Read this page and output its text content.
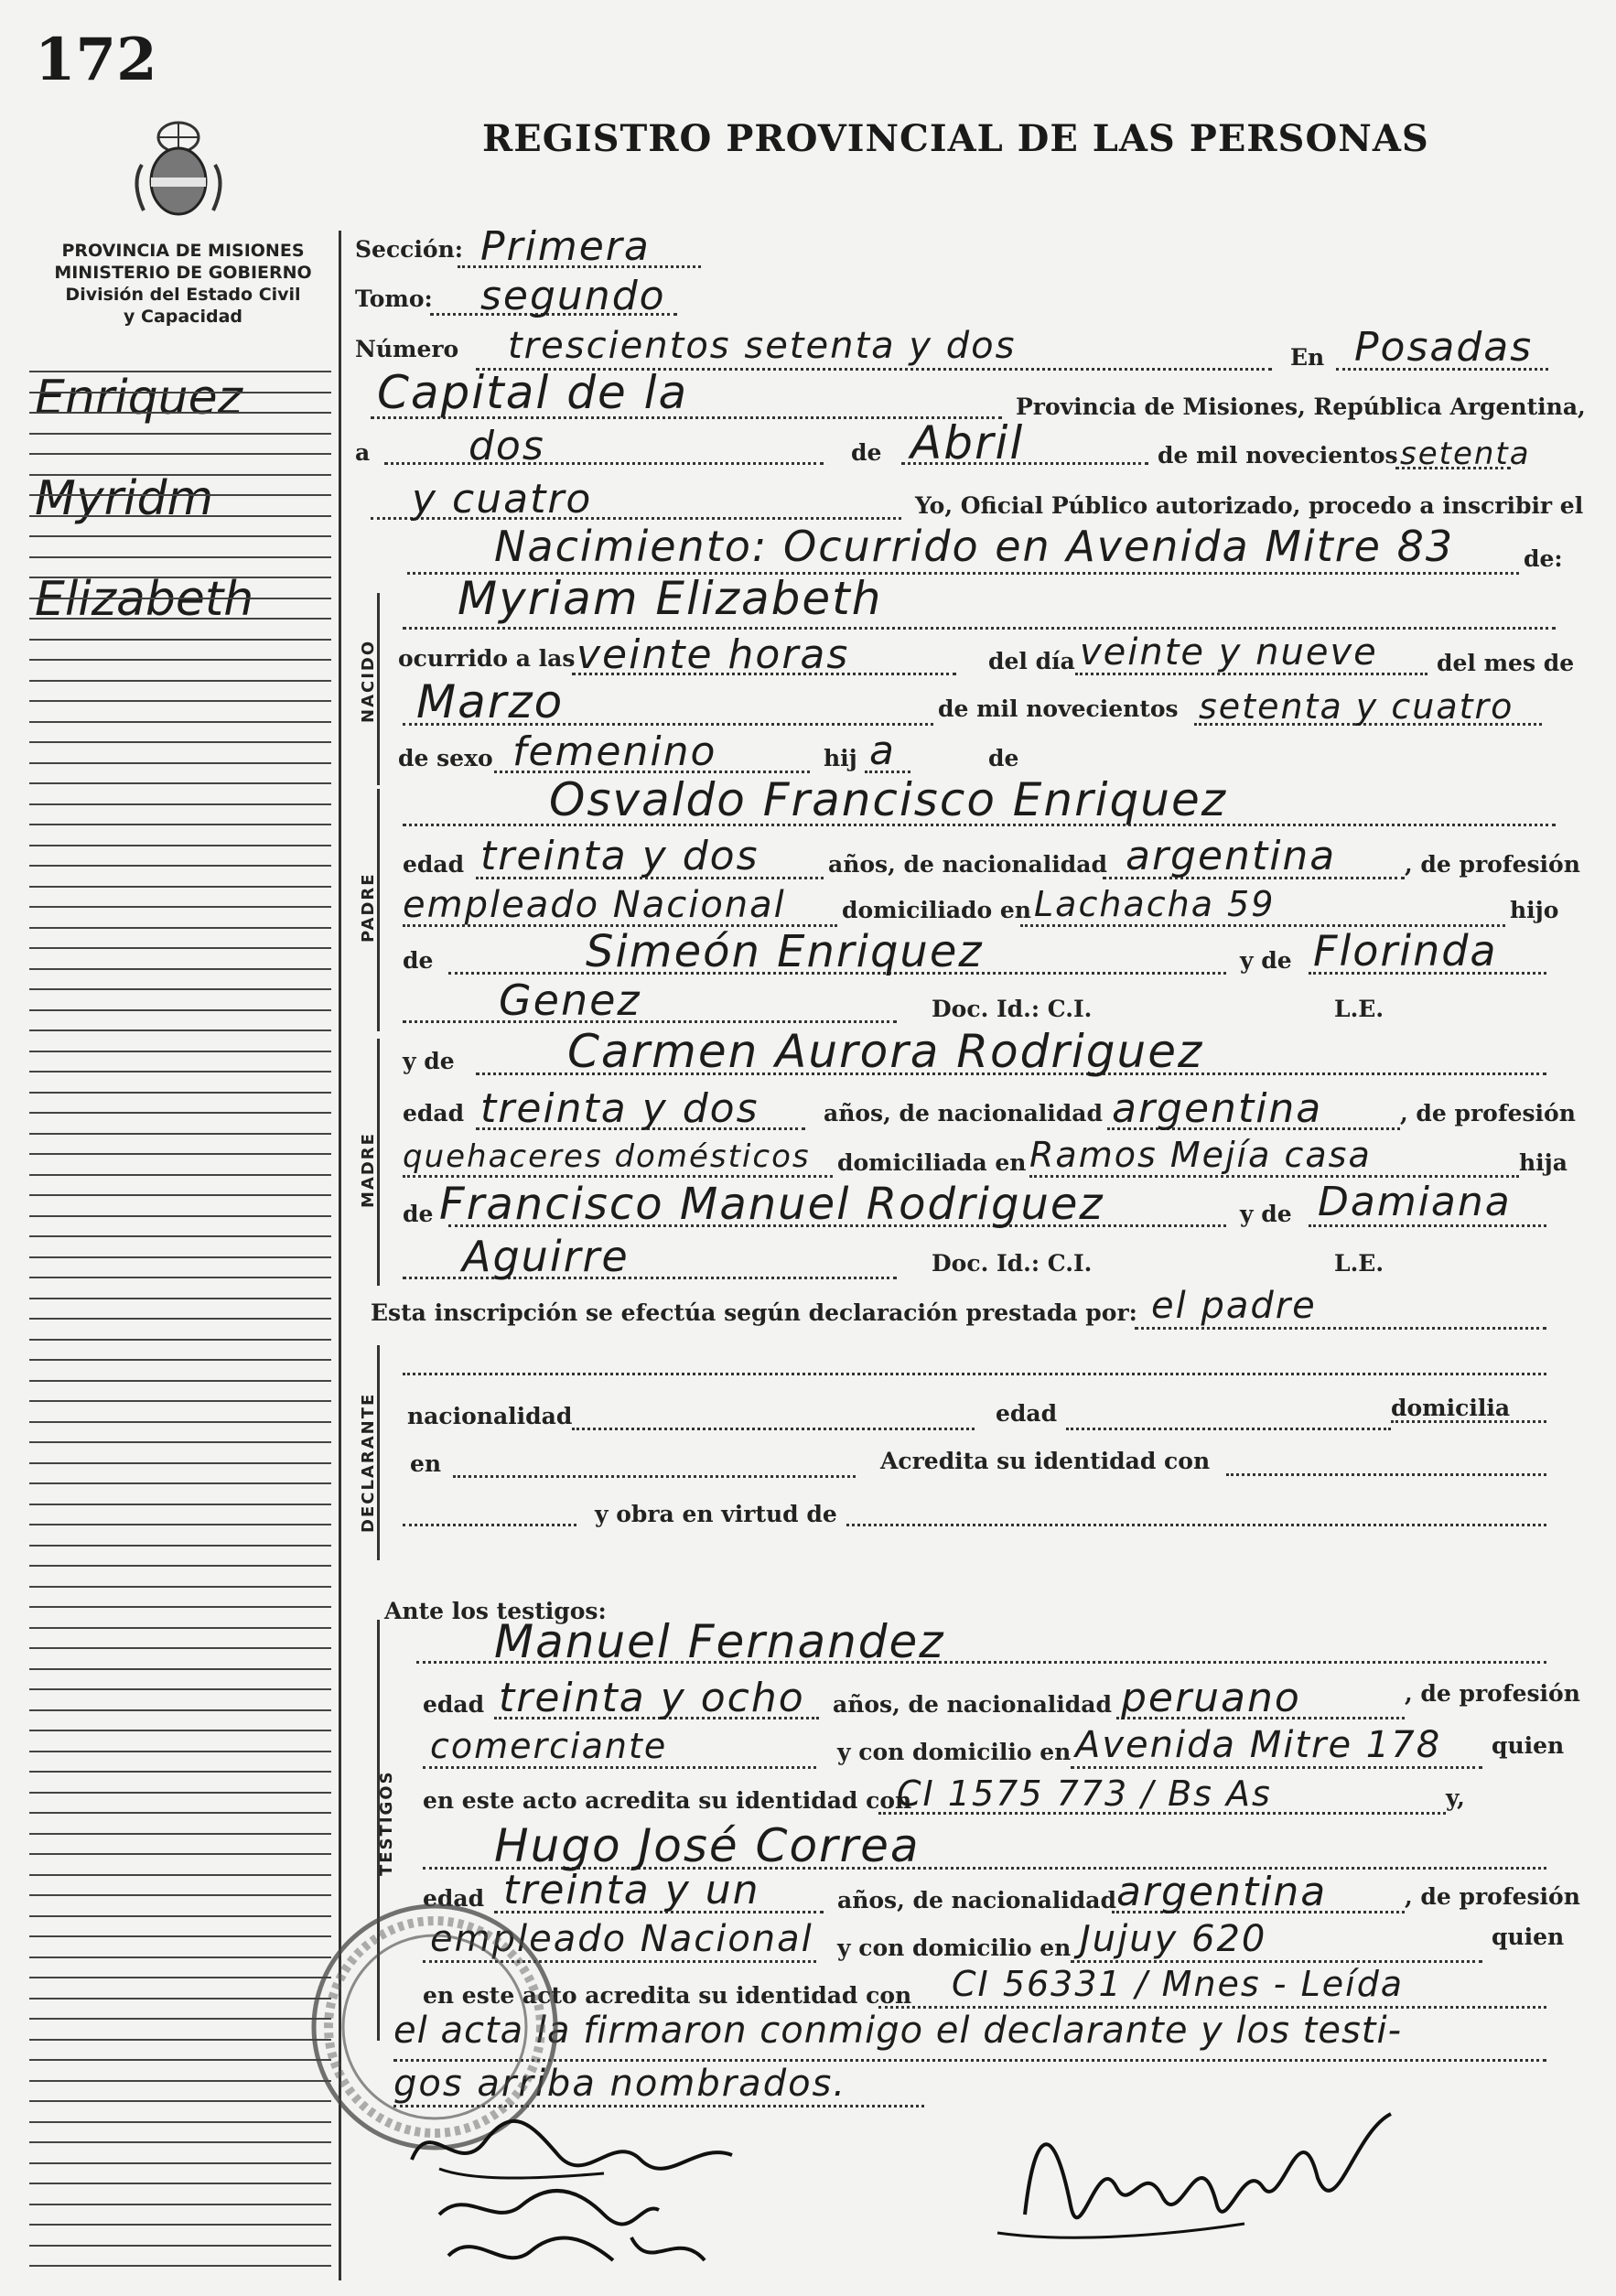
172
REGISTRO PROVINCIAL DE LAS PERSONAS
PROVINCIA DE MISIONES
MINISTERIO DE GOBIERNO
División del Estado Civil
y Capacidad
Enriquez
Myridm
Elizabeth
Sección: Primera
Tomo: segundo
Número trescientos setenta y dos	En Posadas
Capital de la	Provincia de Misiones, República Argentina,
a dos	de Abril	de mil novecientos setenta
y cuatro	Yo, Oficial Público autorizado, procedo a inscribir el
Nacimiento: Ocurrido en Avenida Mitre 83	de:
NACIDO
Myriam Elizabeth
ocurrido a las veinte horas	del día veinte y nueve	del mes de
Marzo	de mil novecientos setenta y cuatro
de sexo femenino	hij a	de
PADRE
Osvaldo Francisco Enriquez
edad treinta y dos	años, de nacionalidad argentina	, de profesión
empleado Nacional domiciliado en Lachacha 59	hijo
de	Simeón Enriquez	y de Florinda
Genez	Doc. Id.: C.I.	L.E.
MADRE
y de Carmen Aurora Rodriguez
edad treinta y dos	años, de nacionalidad argentina	, de profesión
quehaceres domésticos domiciliada en Ramos Mejía casa	hija
de Francisco Manuel Rodriguez	y de Damiana
Aguirre	Doc. Id.: C.I.	L.E.
Esta inscripción se efectúa según declaración prestada por: el padre
DECLARANTE nacionalidad	edad	domicilia
en	Acredita su identidad con
y obra en virtud de
Ante los testigos:
TESTIGOS
Manuel Fernandez
edad treinta y ocho años, de nacionalidad peruano	, de profesión
comerciante	y con domicilio en Avenida Mitre 178 quien
en este acto acredita su identidad con
CI 1575 773 / Bs As	y,
Hugo José Correa
edad treinta y un	años, de nacionalidad argentina	, de profesión
empleado Nacional y con domicilio en Jujuy 620	quien
en este acto acredita su identidad con CI 56331 / Mnes - Leída
el acta la firmaron conmigo el declarante y los testi-
gos arriba nombrados.
